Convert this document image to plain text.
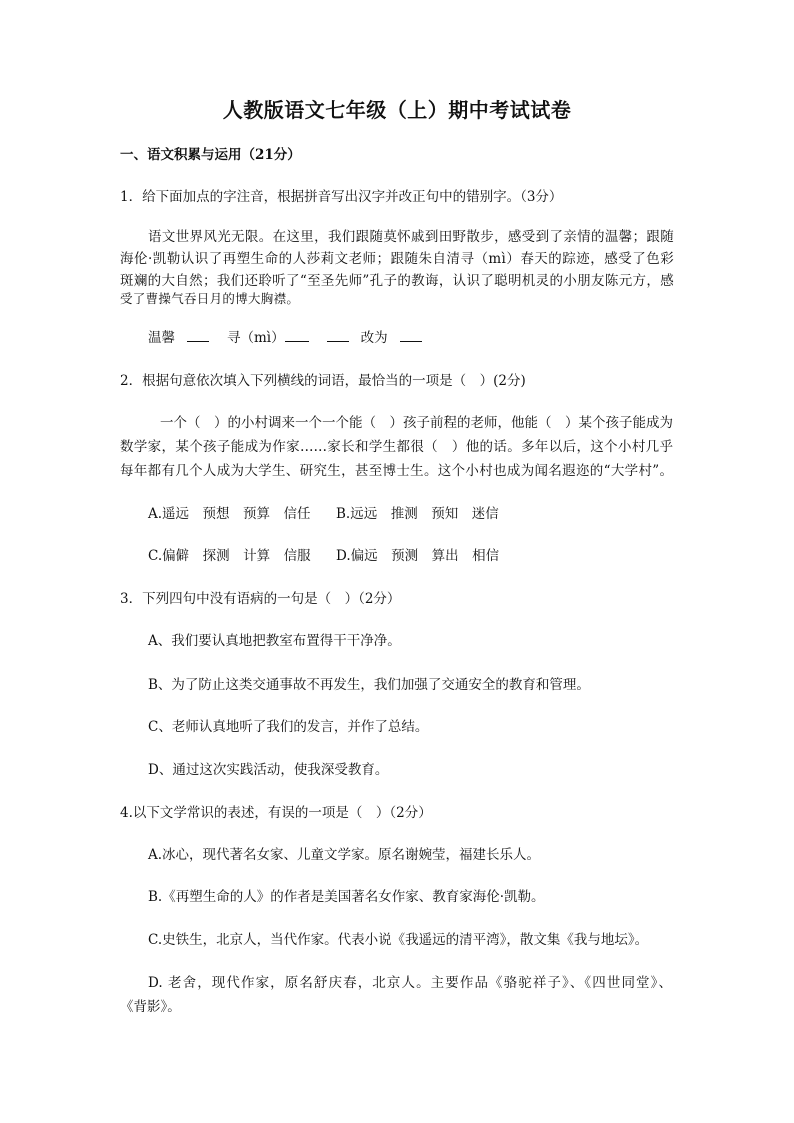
人教版语文七年级（上）期中考试试卷
一、语文积累与运用（21分）
1．给下面加点的字注音，根据拼音写出汉字并改正句中的错别字。（3分）
语文世界风光无限。在这里，我们跟随莫怀戚到田野散步，感受到了亲情的温馨；跟随
海伦·凯勒认识了再塑生命的人莎莉文老师；跟随朱自清寻（mì）春天的踪迹，感受了色彩
斑斓的大自然；我们还聆听了“至圣先师”孔子的教诲，认识了聪明机灵的小朋友陈元方，感
受了曹操气吞日月的博大胸襟。
温馨	寻（mì）	改为
2．根据句意依次填入下列横线的词语，最恰当的一项是（　）(2分)
一个（　）的小村调来一个一个能（　）孩子前程的老师，他能（　）某个孩子能成为
数学家，某个孩子能成为作家……家长和学生都很（　）他的话。多年以后，这个小村几乎
每年都有几个人成为大学生、研究生，甚至博士生。这个小村也成为闻名遐迩的“大学村”。
A.遥远　预想　预算　信任 B.远远　推测　预知　迷信
C.偏僻　探测　计算　信服 D.偏远　预测　算出　相信
3．下列四句中没有语病的一句是（　）（2分）
A、我们要认真地把教室布置得干干净净。
B、为了防止这类交通事故不再发生，我们加强了交通安全的教育和管理。
C、老师认真地听了我们的发言，并作了总结。
D、通过这次实践活动，使我深受教育。
4.以下文学常识的表述，有误的一项是（　）（2分）
A.冰心，现代著名女家、儿童文学家。原名谢婉莹，福建长乐人。
B.《再塑生命的人》的作者是美国著名女作家、教育家海伦·凯勒。
C.史铁生，北京人，当代作家。代表小说《我遥远的清平湾》，散文集《我与地坛》。
D. 老舍，现代作家，原名舒庆春，北京人。主要作品《骆驼祥子》、《四世同堂》、
《背影》。
